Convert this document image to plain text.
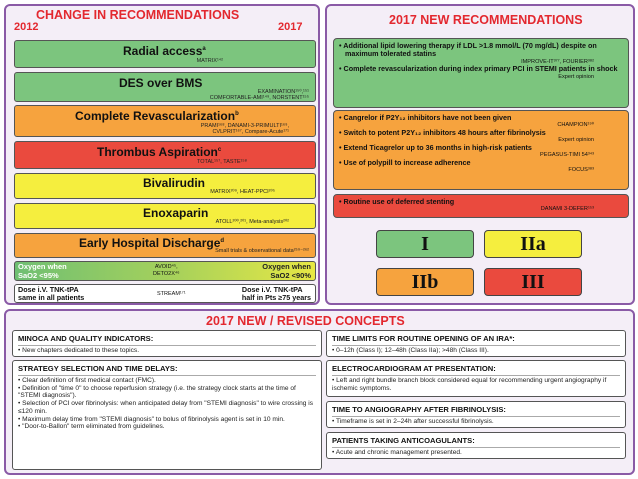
CHANGE IN RECOMMENDATIONS
2012	2017
Radial access$^a$
MATRIX¹⁴²
DES over BMS
EXAMINATION¹⁵⁰,¹⁵¹
COMFORTABLE-AMI¹⁴⁹, NORSTENT¹⁵⁵
Complete Revascularization$^b$
PRAMI¹⁶⁸, DANAMI-3-PRIMULTI¹⁶⁹,
CVLPRIT¹⁶⁷, Compare-Acute¹⁷¹
Thrombus Aspiration$^c$
TOTAL¹⁵⁷, TASTE¹⁵⁸
Bivalirudin
MATRIX²⁰⁹, HEAT-PPCI²⁰⁵
Enoxaparin
ATOLL²⁰⁰,²⁰¹, Meta-analysis²⁰²
Early Hospital Discharge$^d$
Small trials & observational data²⁵⁹⁻²⁶²
Oxygen when
SaO2 <95%
AVOID⁴⁵,
DETO2X⁴⁶
Oxygen when
SaO2 <90%
Dose i.V. TNK-tPA
same in all patients	STREAM¹⁷¹	Dose i.V. TNK-tPA
half in Pts ≥75 years
2017 NEW RECOMMENDATIONS
• Additional lipid lowering therapy if LDL >1.8 mmol/L (70 mg/dL) despite on maximum tolerated statins
IMPROVE-IT³⁷⁷, FOURIER³⁸²
• Complete revascularization during index primary PCI in STEMI patients in shock
Expert opinion
• Cangrelor if P2Y₁₂ inhibitors have not been given
CHAMPION¹⁹⁰
• Switch to potent P2Y₁₂ inhibitors 48 hours after fibrinolysis
Expert opinion
• Extend Ticagrelor up to 36 months in high-risk patients
PEGASUS-TIMI 54³⁴³
• Use of polypill to increase adherence
FOCUS³⁸³
• Routine use of deferred stenting
DANAMI 3-DEFER¹⁵³
I	IIa
IIb	III
2017 NEW / REVISED CONCEPTS
MINOCA AND QUALITY INDICATORS:
• New chapters dedicated to these topics.
STRATEGY SELECTION AND TIME DELAYS:
• Clear definition of first medical contact (FMC).
• Definition of "time 0" to choose reperfusion strategy (i.e. the strategy clock starts at the time of "STEMI diagnosis").
• Selection of PCI over fibrinolysis: when anticipated delay from "STEMI diagnosis" to wire crossing is ≤120 min.
• Maximum delay time from "STEMI diagnosis" to bolus of fibrinolysis agent is set in 10 min.
• "Door-to-Ballon" term eliminated from guidelines.
TIME LIMITS FOR ROUTINE OPENING OF AN IRA*:
• 0–12h (Class I); 12–48h (Class IIa); >48h (Class III).
ELECTROCARDIOGRAM AT PRESENTATION:
• Left and right bundle branch block considered equal for recommending urgent angiography if ischemic symptoms.
TIME TO ANGIOGRAPHY AFTER FIBRINOLYSIS:
• Timeframe is set in 2–24h after successful fibrinolysis.
PATIENTS TAKING ANTICOAGULANTS:
• Acute and chronic management presented.
